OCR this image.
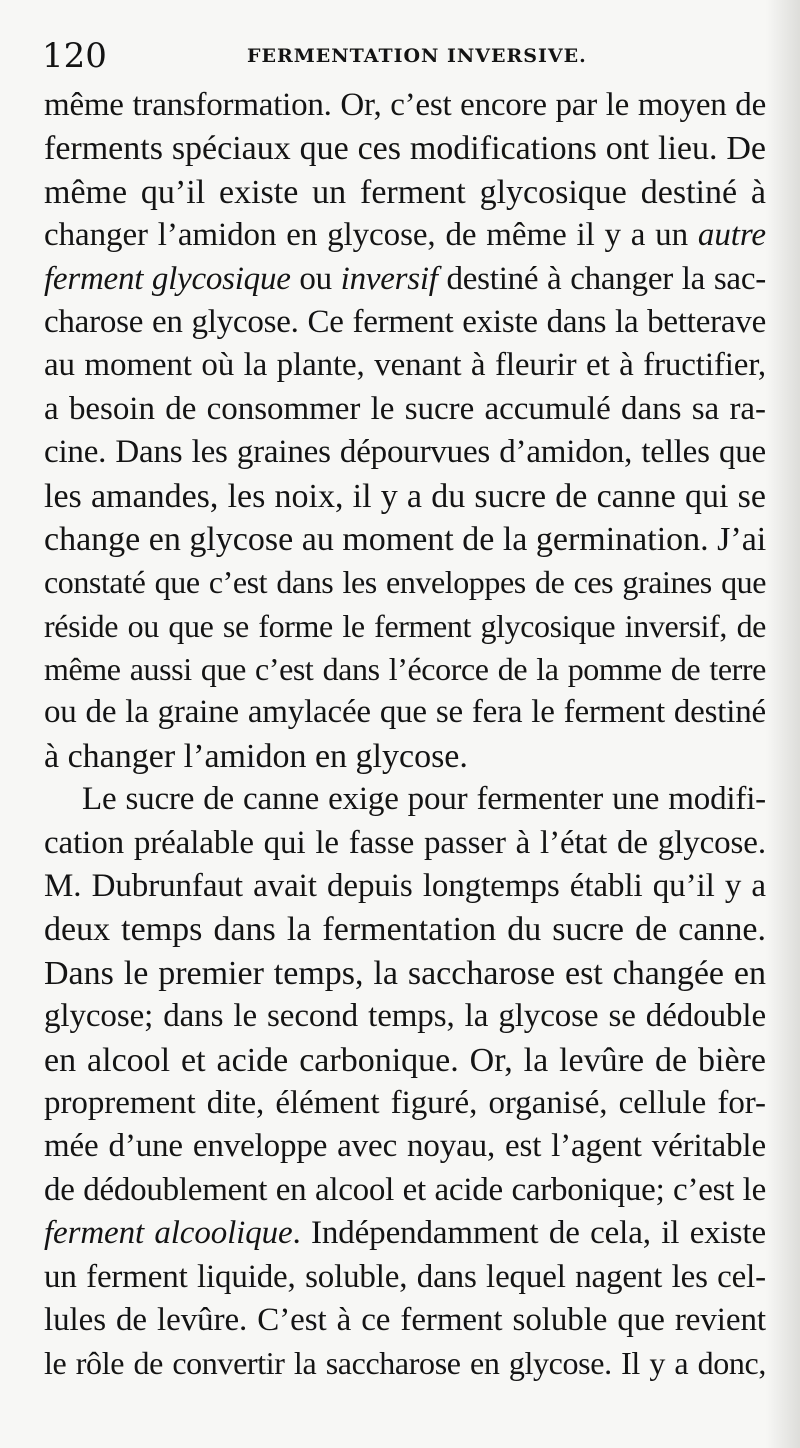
120	FERMENTATION INVERSIVE.
même transformation. Or, c’est encore par le moyen de
ferments spéciaux que ces modifications ont lieu. De
même qu’il existe un ferment glycosique destiné à
changer l’amidon en glycose, de même il y a un autre
ferment glycosique ou inversif destiné à changer la sac-
charose en glycose. Ce ferment existe dans la betterave
au moment où la plante, venant à fleurir et à fructifier,
a besoin de consommer le sucre accumulé dans sa ra-
cine. Dans les graines dépourvues d’amidon, telles que
les amandes, les noix, il y a du sucre de canne qui se
change en glycose au moment de la germination. J’ai
constaté que c’est dans les enveloppes de ces graines que
réside ou que se forme le ferment glycosique inversif, de
même aussi que c’est dans l’écorce de la pomme de terre
ou de la graine amylacée que se fera le ferment destiné
à changer l’amidon en glycose.
Le sucre de canne exige pour fermenter une modifi-
cation préalable qui le fasse passer à l’état de glycose.
M. Dubrunfaut avait depuis longtemps établi qu’il y a
deux temps dans la fermentation du sucre de canne.
Dans le premier temps, la saccharose est changée en
glycose; dans le second temps, la glycose se dédouble
en alcool et acide carbonique. Or, la levûre de bière
proprement dite, élément figuré, organisé, cellule for-
mée d’une enveloppe avec noyau, est l’agent véritable
de dédoublement en alcool et acide carbonique; c’est le
ferment alcoolique. Indépendamment de cela, il existe
un ferment liquide, soluble, dans lequel nagent les cel-
lules de levûre. C’est à ce ferment soluble que revient
le rôle de convertir la saccharose en glycose. Il y a donc,
